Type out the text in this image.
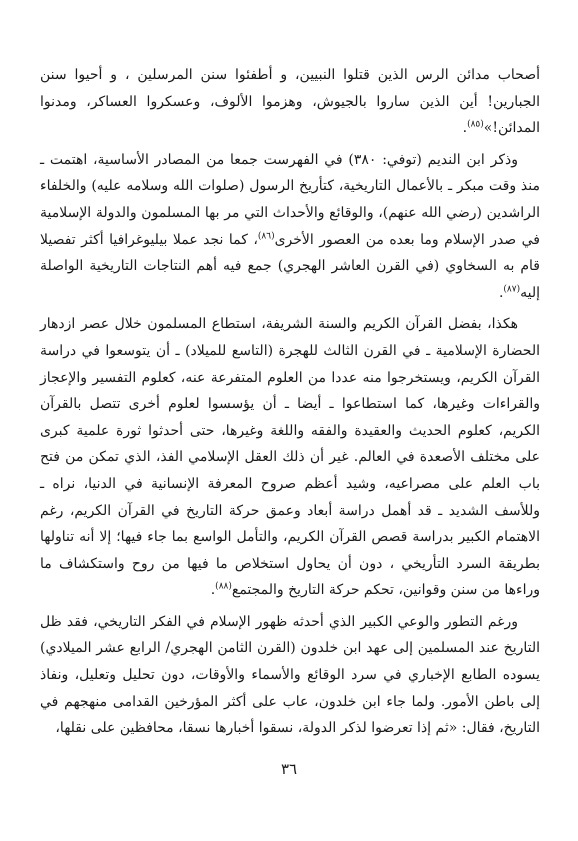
أصحاب مدائن الرس الذين قتلوا النبيين، و أطفئوا سنن المرسلين ، و أحيوا سنن الجبارين! أين الذين ساروا بالجيوش، وهزموا الألوف، وعسكروا العساكر، ومدنوا المدائن!»$^{(٨٥)}$.

وذكر ابن النديم (توفي: ٣٨٠) في الفهرست جمعا من المصادر الأساسية، اهتمت ـ منذ وقت مبكر ـ بالأعمال التاريخية، كتأريخ الرسول (صلوات الله وسلامه عليه) والخلفاء الراشدين (رضي الله عنهم)، والوقائع والأحداث التي مر بها المسلمون والدولة الإسلامية في صدر الإسلام وما بعده من العصور الأخرى$^{(٨٦)}$، كما نجد عملا بيليوغرافيا أكثر تفصيلا قام به السخاوي (في القرن العاشر الهجري) جمع فيه أهم النتاجات التاريخية الواصلة إليه$^{(٨٧)}$.

هكذا، بفضل القرآن الكريم والسنة الشريفة، استطاع المسلمون خلال عصر ازدهار الحضارة الإسلامية ـ في القرن الثالث للهجرة (التاسع للميلاد) ـ أن يتوسعوا في دراسة القرآن الكريم، ويستخرجوا منه عددا من العلوم المتفرعة عنه، كعلوم التفسير والإعجاز والقراءات وغيرها، كما استطاعوا ـ أيضا ـ أن يؤسسوا لعلوم أخرى تتصل بالقرآن الكريم، كعلوم الحديث والعقيدة والفقه واللغة وغيرها، حتى أحدثوا ثورة علمية كبرى على مختلف الأصعدة في العالم. غير أن ذلك العقل الإسلامي الفذ، الذي تمكن من فتح باب العلم على مصراعيه، وشيد أعظم صروح المعرفة الإنسانية في الدنيا، نراه ـ وللأسف الشديد ـ قد أهمل دراسة أبعاد وعمق حركة التاريخ في القرآن الكريم، رغم الاهتمام الكبير بدراسة قصص القرآن الكريم، والتأمل الواسع بما جاء فيها؛ إلا أنه تناولها بطريقة السرد التأريخي ، دون أن يحاول استخلاص ما فيها من روح واستكشاف ما وراءها من سنن وقوانين، تحكم حركة التاريخ والمجتمع$^{(٨٨)}$.

ورغم التطور والوعي الكبير الذي أحدثه ظهور الإسلام في الفكر التاريخي، فقد ظل التاريخ عند المسلمين إلى عهد ابن خلدون (القرن الثامن الهجري/ الرابع عشر الميلادي) يسوده الطابع الإخباري في سرد الوقائع والأسماء والأوقات، دون تحليل وتعليل، ونفاذ إلى باطن الأمور. ولما جاء ابن خلدون، عاب على أكثر المؤرخين القدامى منهجهم في التاريخ، فقال: «ثم إذا تعرضوا لذكر الدولة، نسقوا أخبارها نسقا، محافظين على نقلها،

٣٦
